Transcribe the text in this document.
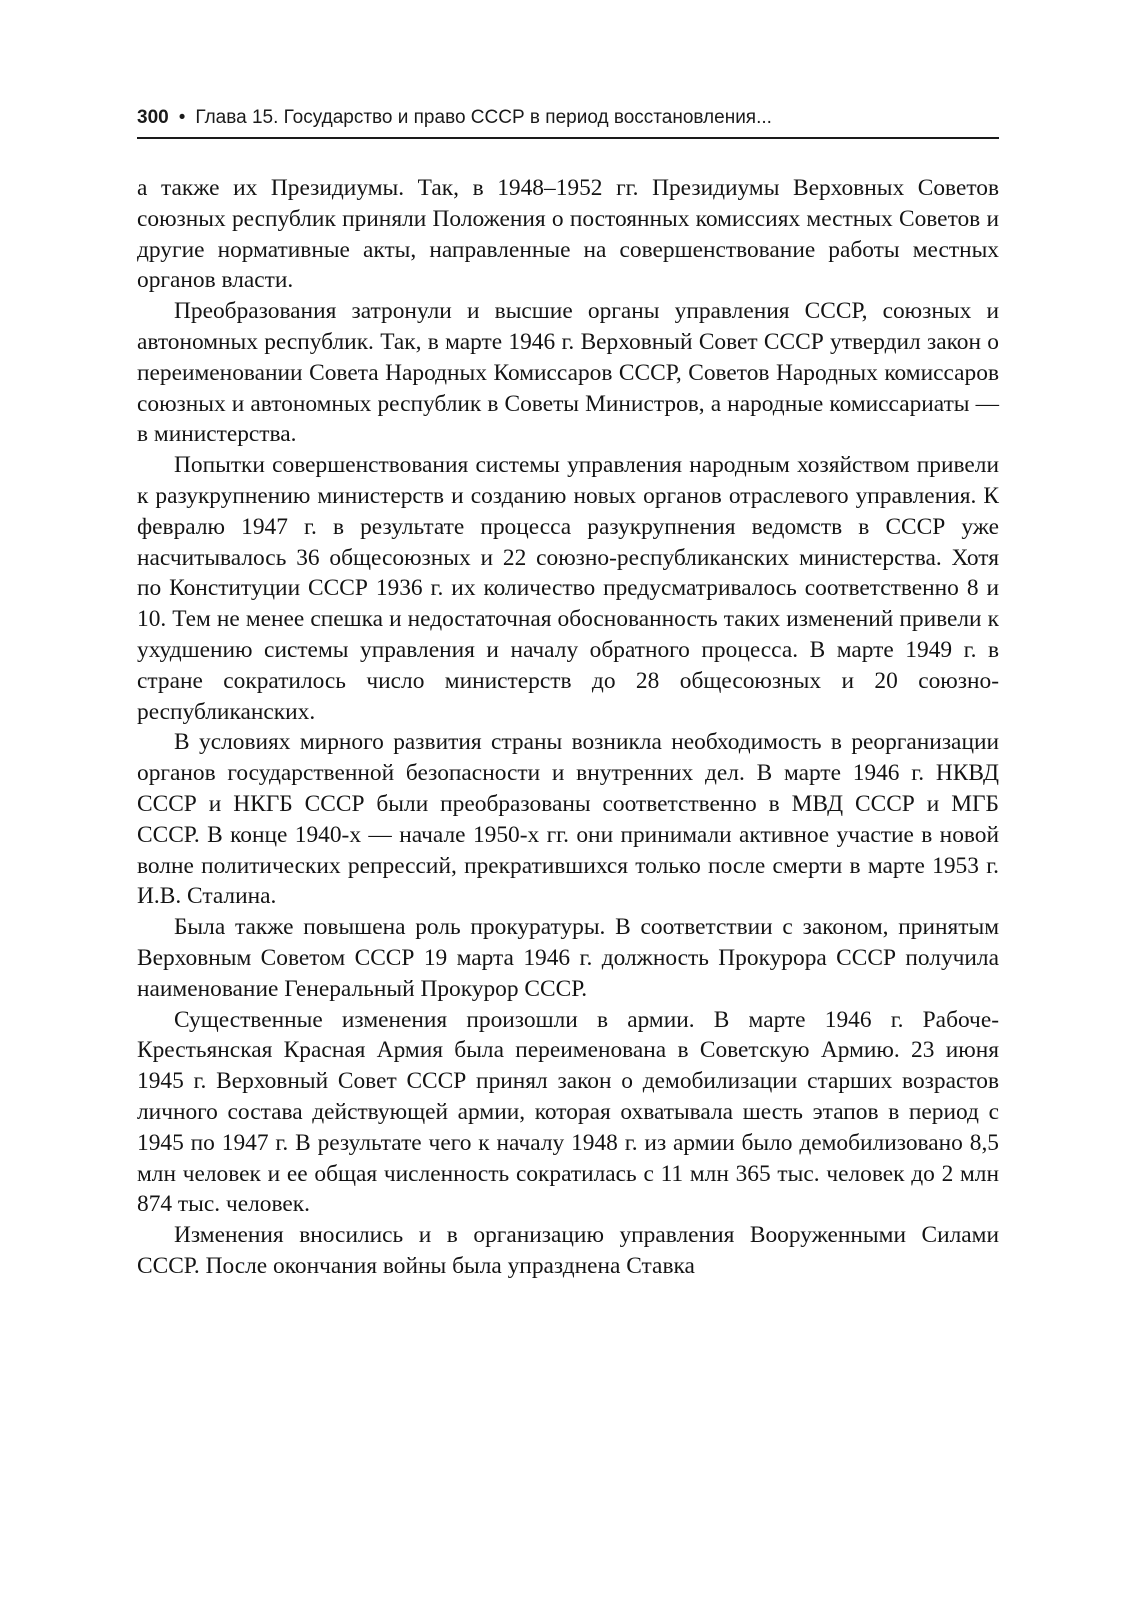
300 • Глава 15. Государство и право СССР в период восстановления...

а также их Президиумы. Так, в 1948–1952 гг. Президиумы Верховных Советов союзных республик приняли Положения о постоянных комиссиях местных Советов и другие нормативные акты, направленные на совершенствование работы местных органов власти.

Преобразования затронули и высшие органы управления СССР, союзных и автономных республик. Так, в марте 1946 г. Верховный Совет СССР утвердил закон о переименовании Совета Народных Комиссаров СССР, Советов Народных комиссаров союзных и автономных республик в Советы Министров, а народные комиссариаты — в министерства.

Попытки совершенствования системы управления народным хозяйством привели к разукрупнению министерств и созданию новых органов отраслевого управления. К февралю 1947 г. в результате процесса разукрупнения ведомств в СССР уже насчитывалось 36 общесоюзных и 22 союзно-республиканских министерства. Хотя по Конституции СССР 1936 г. их количество предусматривалось соответственно 8 и 10. Тем не менее спешка и недостаточная обоснованность таких изменений привели к ухудшению системы управления и началу обратного процесса. В марте 1949 г. в стране сократилось число министерств до 28 общесоюзных и 20 союзно-республиканских.

В условиях мирного развития страны возникла необходимость в реорганизации органов государственной безопасности и внутренних дел. В марте 1946 г. НКВД СССР и НКГБ СССР были преобразованы соответственно в МВД СССР и МГБ СССР. В конце 1940-х — начале 1950-х гг. они принимали активное участие в новой волне политических репрессий, прекратившихся только после смерти в марте 1953 г. И.В. Сталина.

Была также повышена роль прокуратуры. В соответствии с законом, принятым Верховным Советом СССР 19 марта 1946 г. должность Прокурора СССР получила наименование Генеральный Прокурор СССР.

Существенные изменения произошли в армии. В марте 1946 г. Рабоче-Крестьянская Красная Армия была переименована в Советскую Армию. 23 июня 1945 г. Верховный Совет СССР принял закон о демобилизации старших возрастов личного состава действующей армии, которая охватывала шесть этапов в период с 1945 по 1947 г. В результате чего к началу 1948 г. из армии было демобилизовано 8,5 млн человек и ее общая численность сократилась с 11 млн 365 тыс. человек до 2 млн 874 тыс. человек.

Изменения вносились и в организацию управления Вооруженными Силами СССР. После окончания войны была упразднена Ставка
